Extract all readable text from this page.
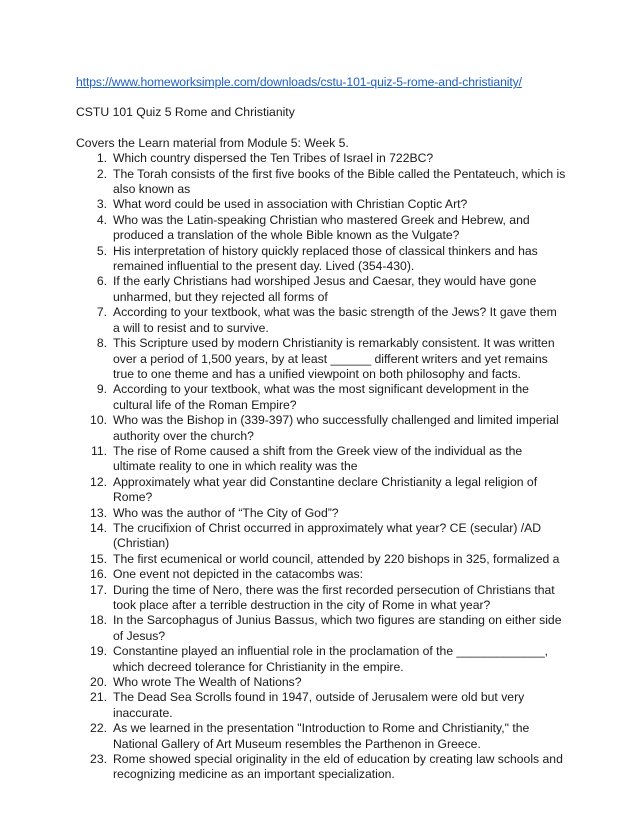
https://www.homeworksimple.com/downloads/cstu-101-quiz-5-rome-and-christianity/
CSTU 101 Quiz 5 Rome and Christianity
Covers the Learn material from Module 5: Week 5.
1. Which country dispersed the Ten Tribes of Israel in 722BC?
2. The Torah consists of the first five books of the Bible called the Pentateuch, which is also known as
3. What word could be used in association with Christian Coptic Art?
4. Who was the Latin-speaking Christian who mastered Greek and Hebrew, and produced a translation of the whole Bible known as the Vulgate?
5. His interpretation of history quickly replaced those of classical thinkers and has remained influential to the present day. Lived (354-430).
6. If the early Christians had worshiped Jesus and Caesar, they would have gone unharmed, but they rejected all forms of
7. According to your textbook, what was the basic strength of the Jews? It gave them a will to resist and to survive.
8. This Scripture used by modern Christianity is remarkably consistent. It was written over a period of 1,500 years, by at least ______ different writers and yet remains true to one theme and has a unified viewpoint on both philosophy and facts.
9. According to your textbook, what was the most significant development in the cultural life of the Roman Empire?
10. Who was the Bishop in (339-397) who successfully challenged and limited imperial authority over the church?
11. The rise of Rome caused a shift from the Greek view of the individual as the ultimate reality to one in which reality was the
12. Approximately what year did Constantine declare Christianity a legal religion of Rome?
13. Who was the author of “The City of God”?
14. The crucifixion of Christ occurred in approximately what year? CE (secular) /AD (Christian)
15. The first ecumenical or world council, attended by 220 bishops in 325, formalized a
16. One event not depicted in the catacombs was:
17. During the time of Nero, there was the first recorded persecution of Christians that took place after a terrible destruction in the city of Rome in what year?
18. In the Sarcophagus of Junius Bassus, which two figures are standing on either side of Jesus?
19. Constantine played an influential role in the proclamation of the _____________, which decreed tolerance for Christianity in the empire.
20. Who wrote The Wealth of Nations?
21. The Dead Sea Scrolls found in 1947, outside of Jerusalem were old but very inaccurate.
22. As we learned in the presentation "Introduction to Rome and Christianity," the National Gallery of Art Museum resembles the Parthenon in Greece.
23. Rome showed special originality in the eld of education by creating law schools and recognizing medicine as an important specialization.
